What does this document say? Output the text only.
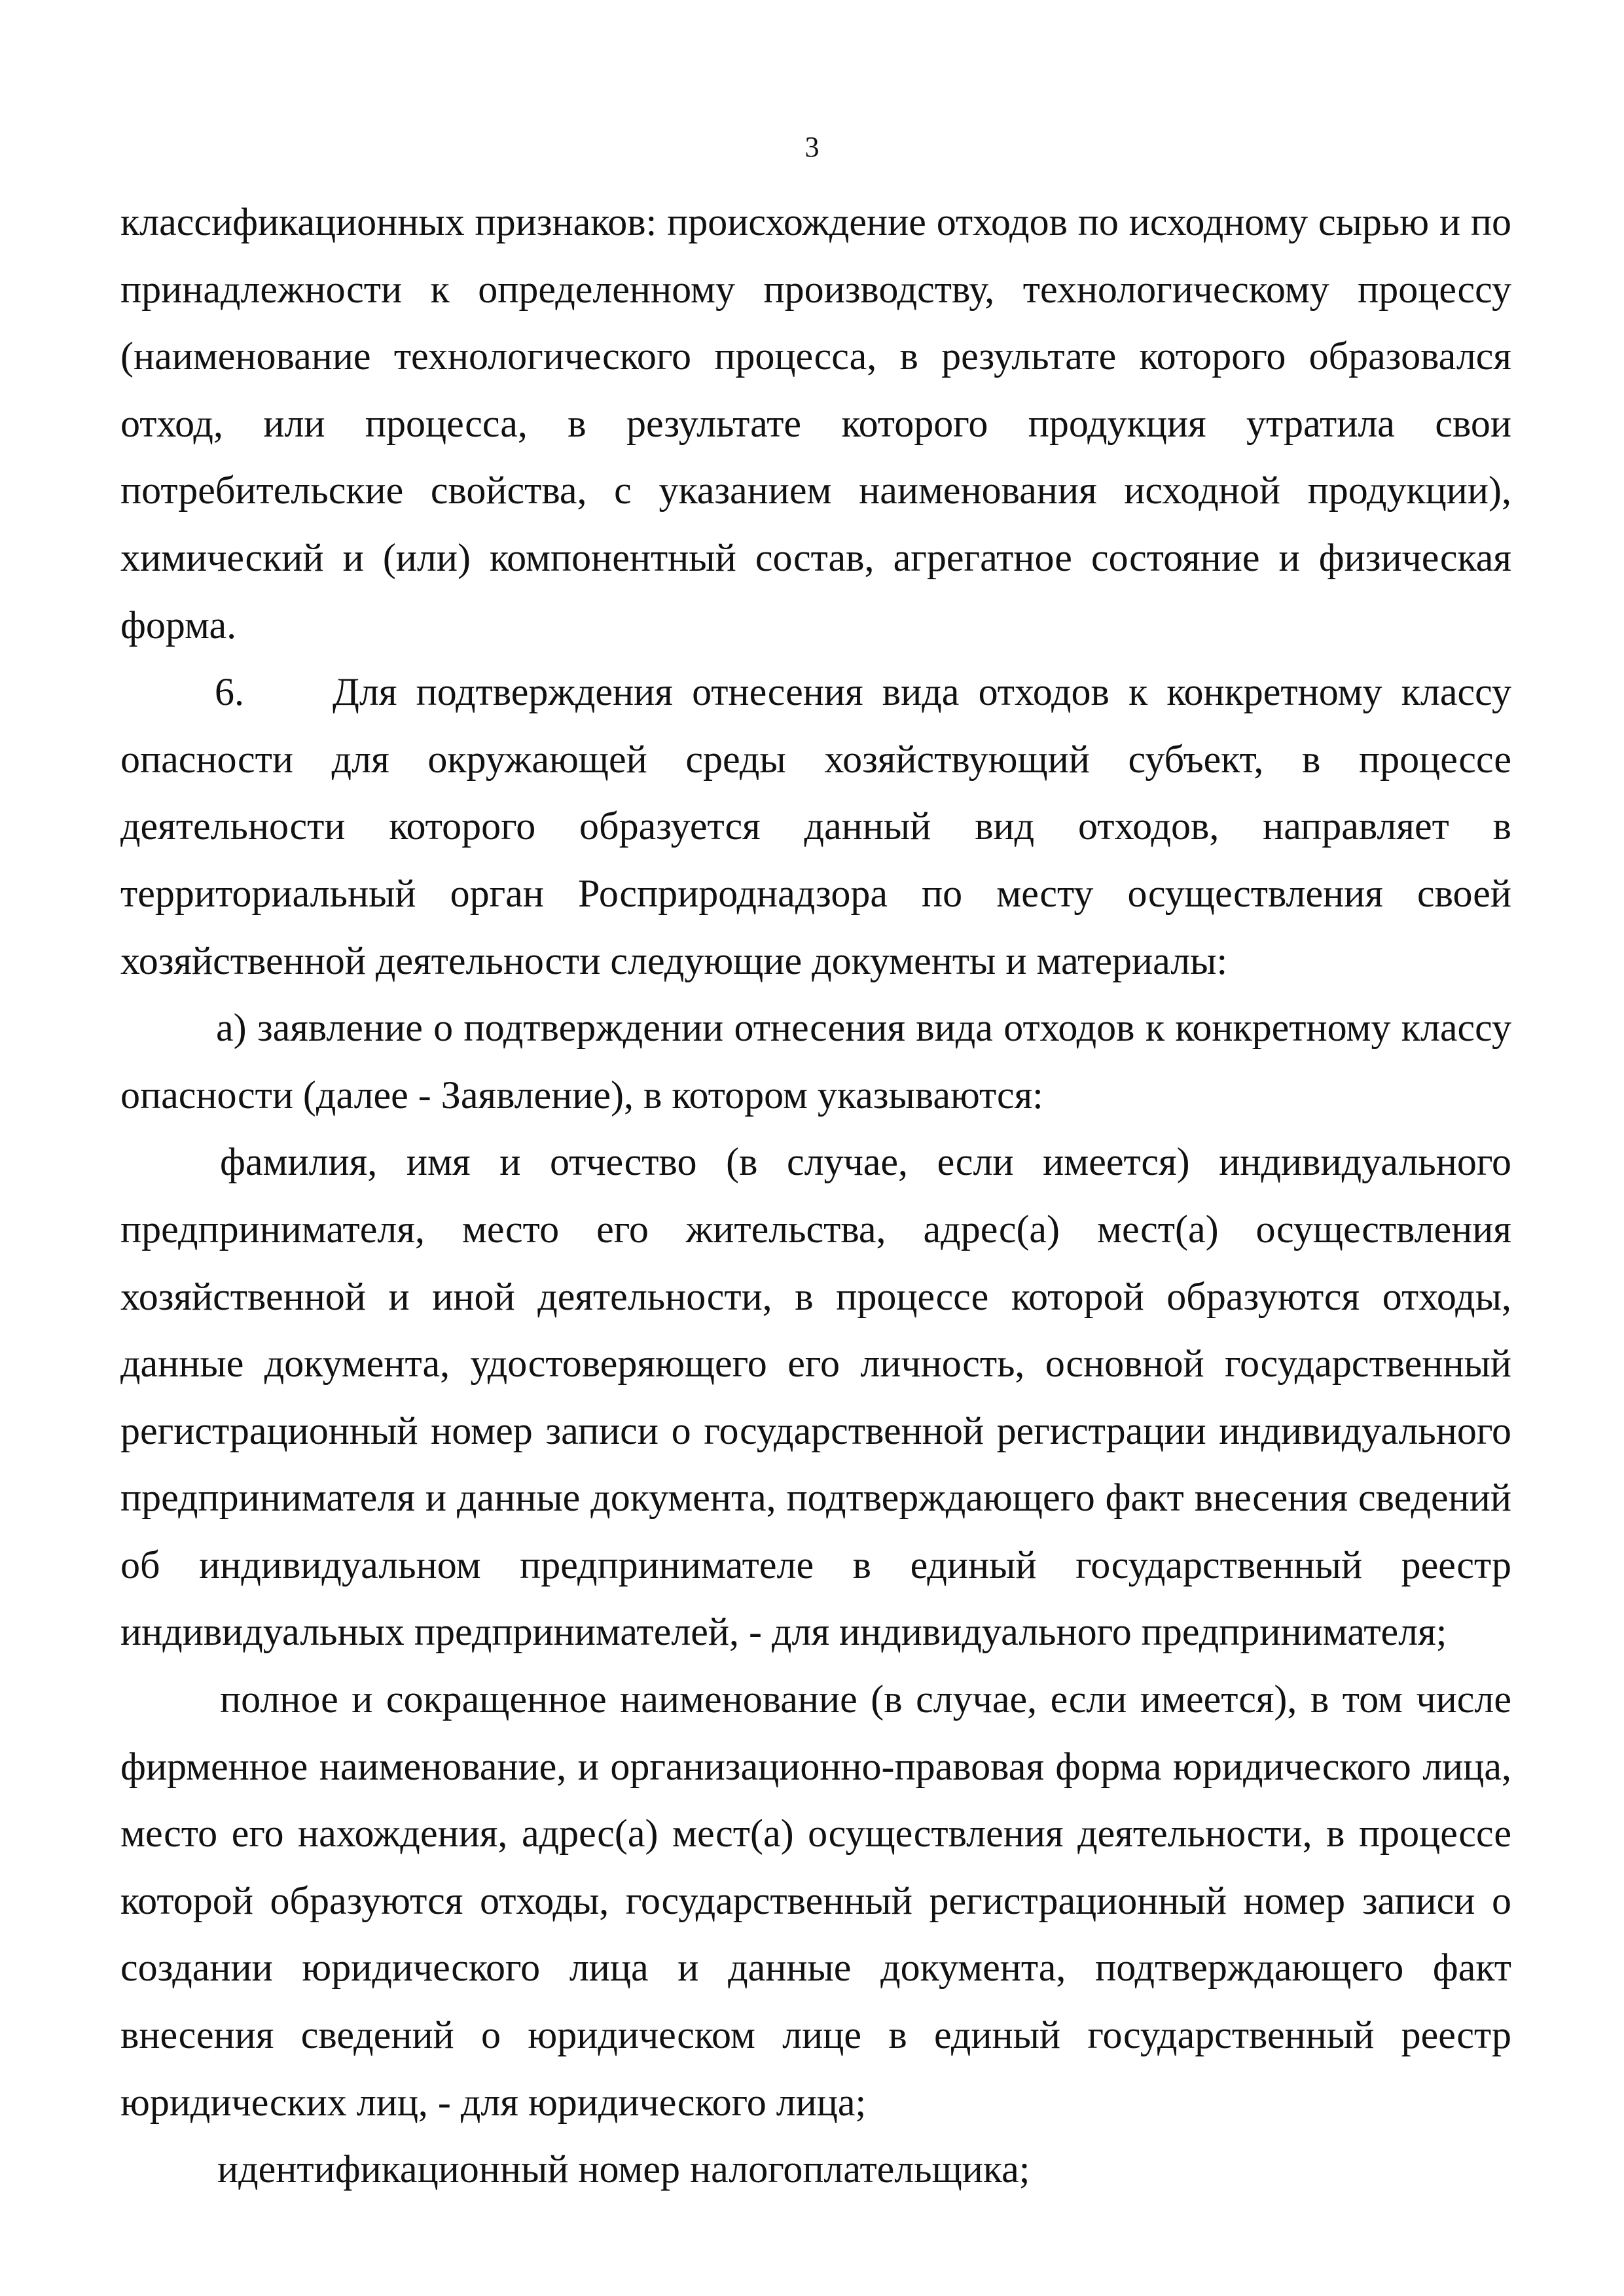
3

классификационных признаков: происхождение отходов по исходному сырью и по принадлежности к определенному производству, технологическому процессу (наименование технологического процесса, в результате которого образовался отход, или процесса, в результате которого продукция утратила свои потребительские свойства, с указанием наименования исходной продукции), химический и (или) компонентный состав, агрегатное состояние и физическая форма.

6. Для подтверждения отнесения вида отходов к конкретному классу опасности для окружающей среды хозяйствующий субъект, в процессе деятельности которого образуется данный вид отходов, направляет в территориальный орган Росприроднадзора по месту осуществления своей хозяйственной деятельности следующие документы и материалы:

а) заявление о подтверждении отнесения вида отходов к конкретному классу опасности (далее - Заявление), в котором указываются:

фамилия, имя и отчество (в случае, если имеется) индивидуального предпринимателя, место его жительства, адрес(а) мест(а) осуществления хозяйственной и иной деятельности, в процессе которой образуются отходы, данные документа, удостоверяющего его личность, основной государственный регистрационный номер записи о государственной регистрации индивидуального предпринимателя и данные документа, подтверждающего факт внесения сведений об индивидуальном предпринимателе в единый государственный реестр индивидуальных предпринимателей, - для индивидуального предпринимателя;

полное и сокращенное наименование (в случае, если имеется), в том числе фирменное наименование, и организационно-правовая форма юридического лица, место его нахождения, адрес(а) мест(а) осуществления деятельности, в процессе которой образуются отходы, государственный регистрационный номер записи о создании юридического лица и данные документа, подтверждающего факт внесения сведений о юридическом лице в единый государственный реестр юридических лиц, - для юридического лица;

идентификационный номер налогоплательщика;
